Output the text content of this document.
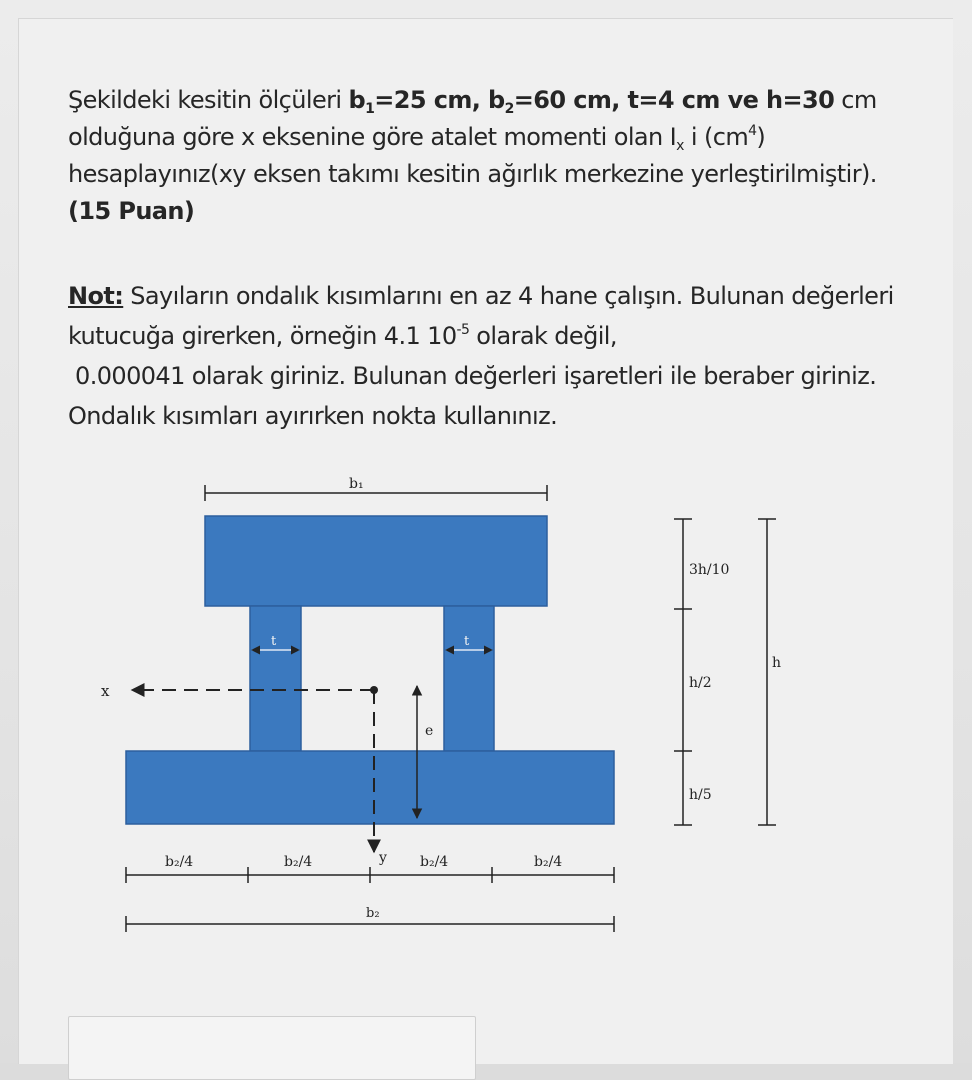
Şekildeki kesitin ölçüleri $b_1=25$ cm, $b_2=60$ cm, t=4 cm ve h=30 cm olduğuna göre x eksenine göre atalet momenti olan $I_x$ i $(cm^4)$ hesaplayınız(xy eksen takımı kesitin ağırlık merkezine yerleştirilmiştir).(15 Puan)
Not: Sayıların ondalık kısımlarını en az 4 hane çalışın. Bulunan değerleri kutucuğa girerken, örneğin 4.1 $10^{-5}$ olarak değil,
0.000041 olarak giriniz. Bulunan değerleri işaretleri ile beraber giriniz. Ondalık kısımları ayırırken nokta kullanınız.
b₁
t	t
x
y
e
b₂/4	b₂/4	b₂/4	b₂/4
b₂
3h/10
h/2
h/5
h
